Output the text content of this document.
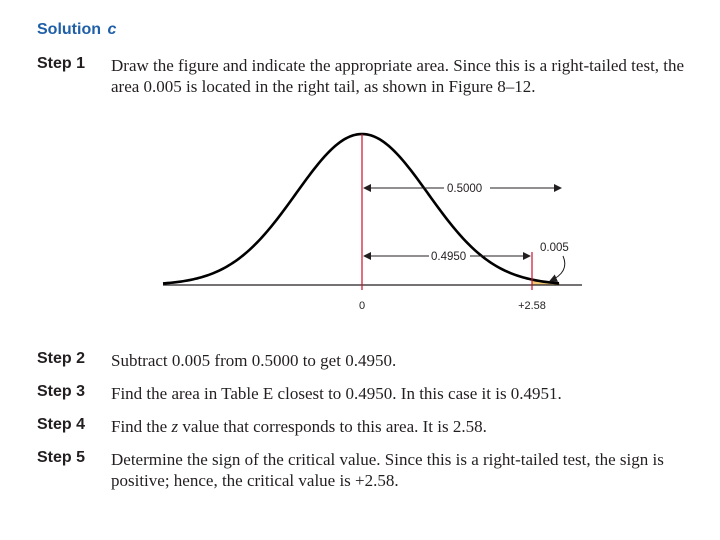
Solution c
Step 1 Draw the figure and indicate the appropriate area. Since this is a right-tailed test, the area 0.005 is located in the right tail, as shown in Figure 8–12.
0.5000
0.4950
0.005
0	+2.58
Step 2 Subtract 0.005 from 0.5000 to get 0.4950.
Step 3 Find the area in Table E closest to 0.4950. In this case it is 0.4951.
Step 4 Find the z value that corresponds to this area. It is 2.58.
Step 5 Determine the sign of the critical value. Since this is a right-tailed test, the sign is positive; hence, the critical value is +2.58.
